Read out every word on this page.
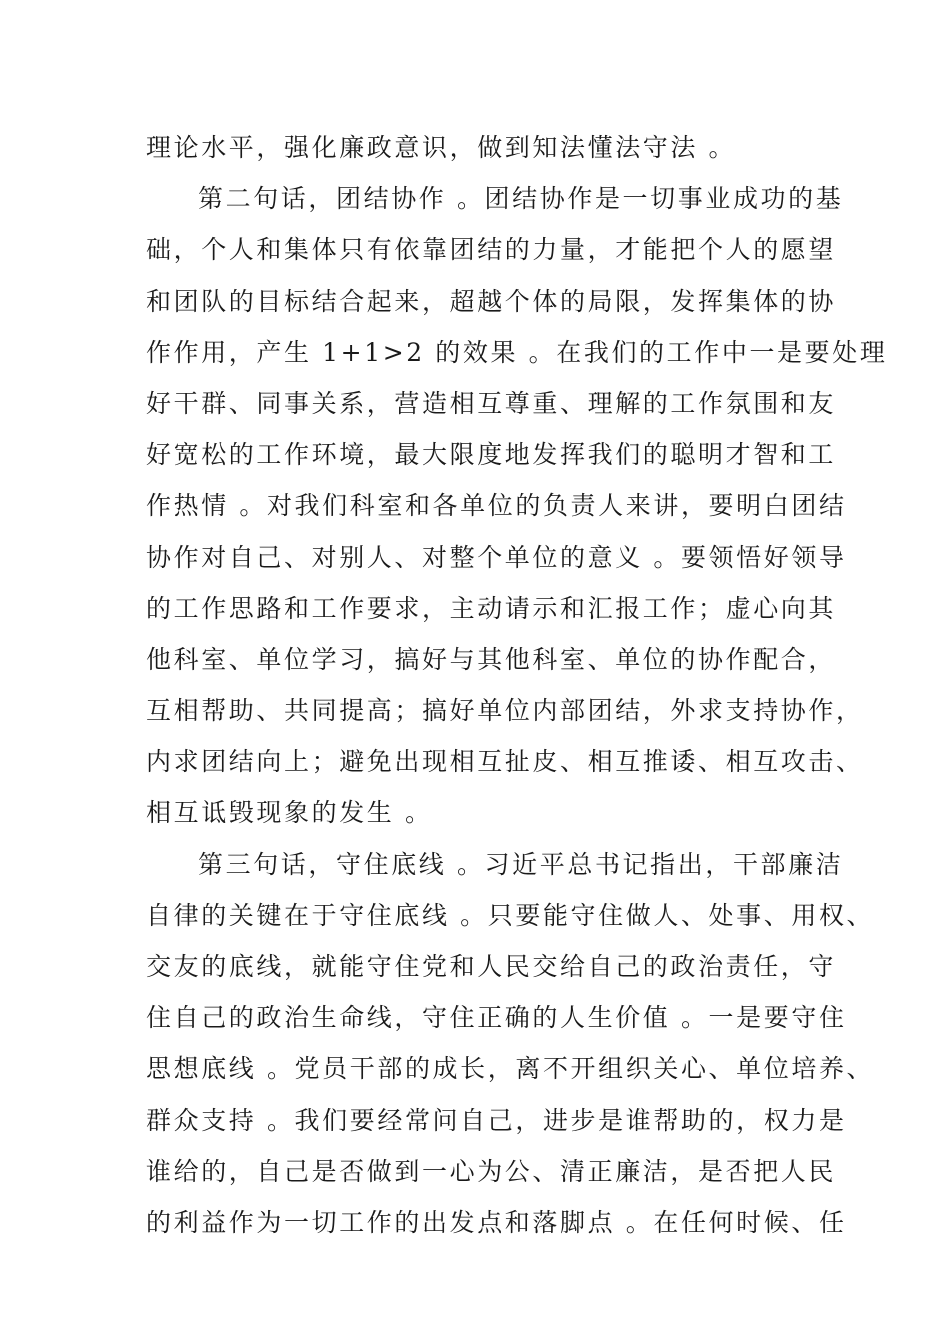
理论水平，强化廉政意识，做到知法懂法守法 。
第二句话，团结协作 。团结协作是一切事业成功的基
础，个人和集体只有依靠团结的力量，才能把个人的愿望
和团队的目标结合起来，超越个体的局限，发挥集体的协
作作用，产生 1+1>2 的效果 。在我们的工作中一是要处理
好干群、同事关系，营造相互尊重、理解的工作氛围和友
好宽松的工作环境，最大限度地发挥我们的聪明才智和工
作热情 。对我们科室和各单位的负责人来讲，要明白团结
协作对自己、对别人、对整个单位的意义 。要领悟好领导
的工作思路和工作要求，主动请示和汇报工作；虚心向其
他科室、单位学习，搞好与其他科室、单位的协作配合，
互相帮助、共同提高；搞好单位内部团结，外求支持协作，
内求团结向上；避免出现相互扯皮、相互推诿、相互攻击、
相互诋毁现象的发生 。
第三句话，守住底线 。习近平总书记指出，干部廉洁
自律的关键在于守住底线 。只要能守住做人、处事、用权、
交友的底线，就能守住党和人民交给自己的政治责任，守
住自己的政治生命线，守住正确的人生价值 。一是要守住
思想底线 。党员干部的成长，离不开组织关心、单位培养、
群众支持 。我们要经常问自己，进步是谁帮助的，权力是
谁给的，自己是否做到一心为公、清正廉洁，是否把人民
的利益作为一切工作的出发点和落脚点 。在任何时候、任
